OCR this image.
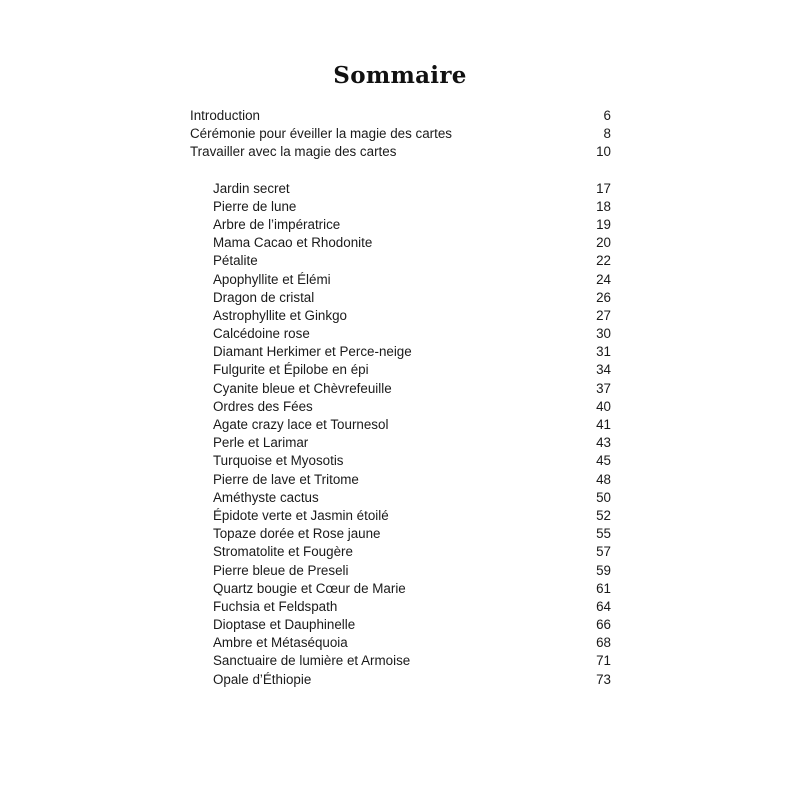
Sommaire
Introduction	6
Cérémonie pour éveiller la magie des cartes	8
Travailler avec la magie des cartes	10
Jardin secret	17
Pierre de lune	18
Arbre de l’impératrice	19
Mama Cacao et Rhodonite	20
Pétalite	22
Apophyllite et Élémi	24
Dragon de cristal	26
Astrophyllite et Ginkgo	27
Calcédoine rose	30
Diamant Herkimer et Perce-neige	31
Fulgurite et Épilobe en épi	34
Cyanite bleue et Chèvrefeuille	37
Ordres des Fées	40
Agate crazy lace et Tournesol	41
Perle et Larimar	43
Turquoise et Myosotis	45
Pierre de lave et Tritome	48
Améthyste cactus	50
Épidote verte et Jasmin étoilé	52
Topaze dorée et Rose jaune	55
Stromatolite et Fougère	57
Pierre bleue de Preseli	59
Quartz bougie et Cœur de Marie	61
Fuchsia et Feldspath	64
Dioptase et Dauphinelle	66
Ambre et Métaséquoia	68
Sanctuaire de lumière et Armoise	71
Opale d’Éthiopie	73
